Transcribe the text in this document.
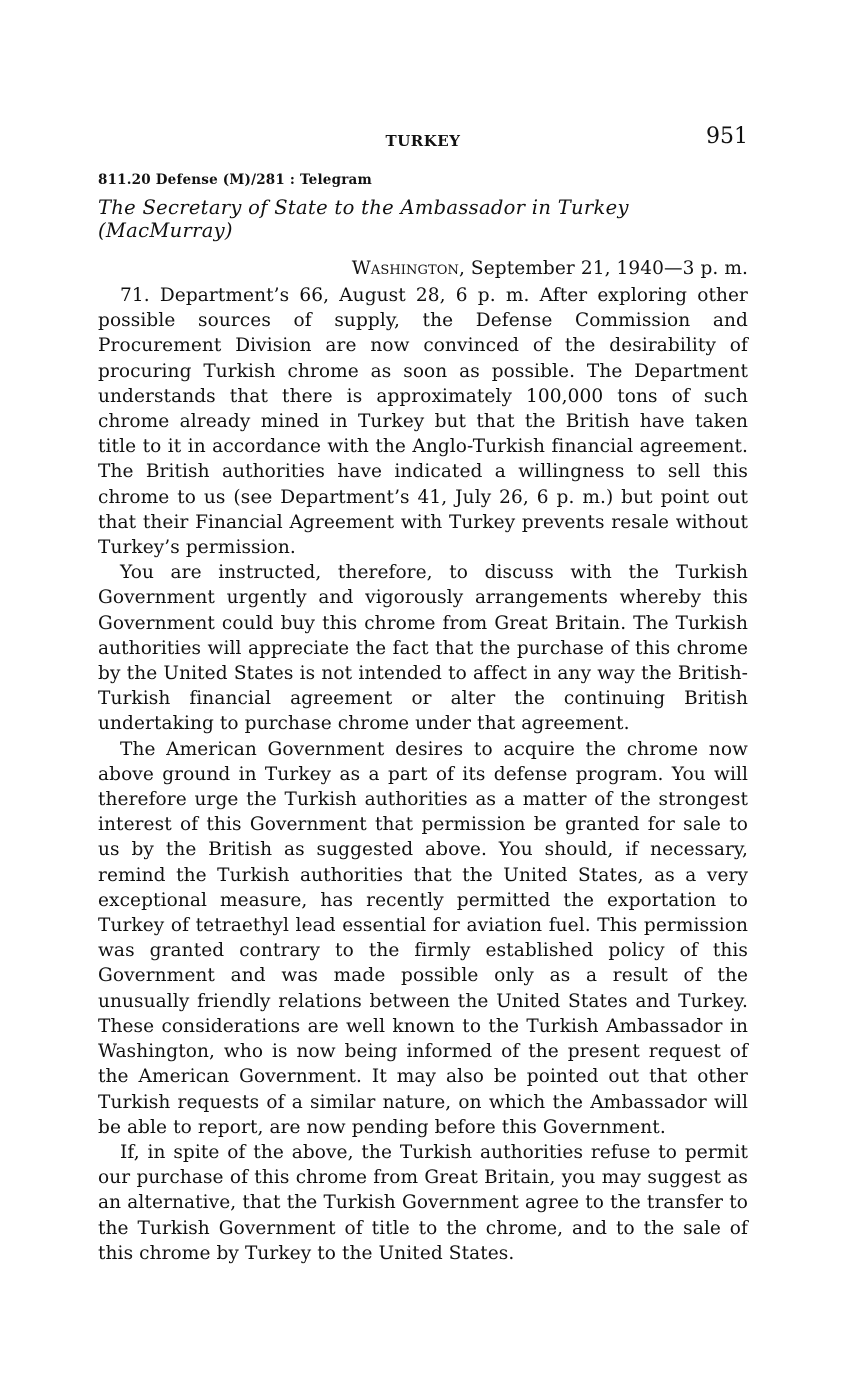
TURKEY	951
811.20 Defense (M)/281 : Telegram
The Secretary of State to the Ambassador in Turkey (MacMurray)
Washington, September 21, 1940—3 p. m.

71. Department’s 66, August 28, 6 p. m. After exploring other possible sources of supply, the Defense Commission and Procurement Division are now convinced of the desirability of procuring Turkish chrome as soon as possible. The Department understands that there is approximately 100,000 tons of such chrome already mined in Turkey but that the British have taken title to it in accordance with the Anglo-Turkish financial agreement. The British authorities have indicated a willingness to sell this chrome to us (see Department’s 41, July 26, 6 p. m.) but point out that their Financial Agreement with Turkey prevents resale without Turkey’s permission.

You are instructed, therefore, to discuss with the Turkish Government urgently and vigorously arrangements whereby this Government could buy this chrome from Great Britain. The Turkish authorities will appreciate the fact that the purchase of this chrome by the United States is not intended to affect in any way the British-Turkish financial agreement or alter the continuing British undertaking to purchase chrome under that agreement.

The American Government desires to acquire the chrome now above ground in Turkey as a part of its defense program. You will therefore urge the Turkish authorities as a matter of the strongest interest of this Government that permission be granted for sale to us by the British as suggested above. You should, if necessary, remind the Turkish authorities that the United States, as a very exceptional measure, has recently permitted the exportation to Turkey of tetraethyl lead essential for aviation fuel. This permission was granted contrary to the firmly established policy of this Government and was made possible only as a result of the unusually friendly relations between the United States and Turkey. These considerations are well known to the Turkish Ambassador in Washington, who is now being informed of the present request of the American Government. It may also be pointed out that other Turkish requests of a similar nature, on which the Ambassador will be able to report, are now pending before this Government.

If, in spite of the above, the Turkish authorities refuse to permit our purchase of this chrome from Great Britain, you may suggest as an alternative, that the Turkish Government agree to the transfer to the Turkish Government of title to the chrome, and to the sale of this chrome by Turkey to the United States.
